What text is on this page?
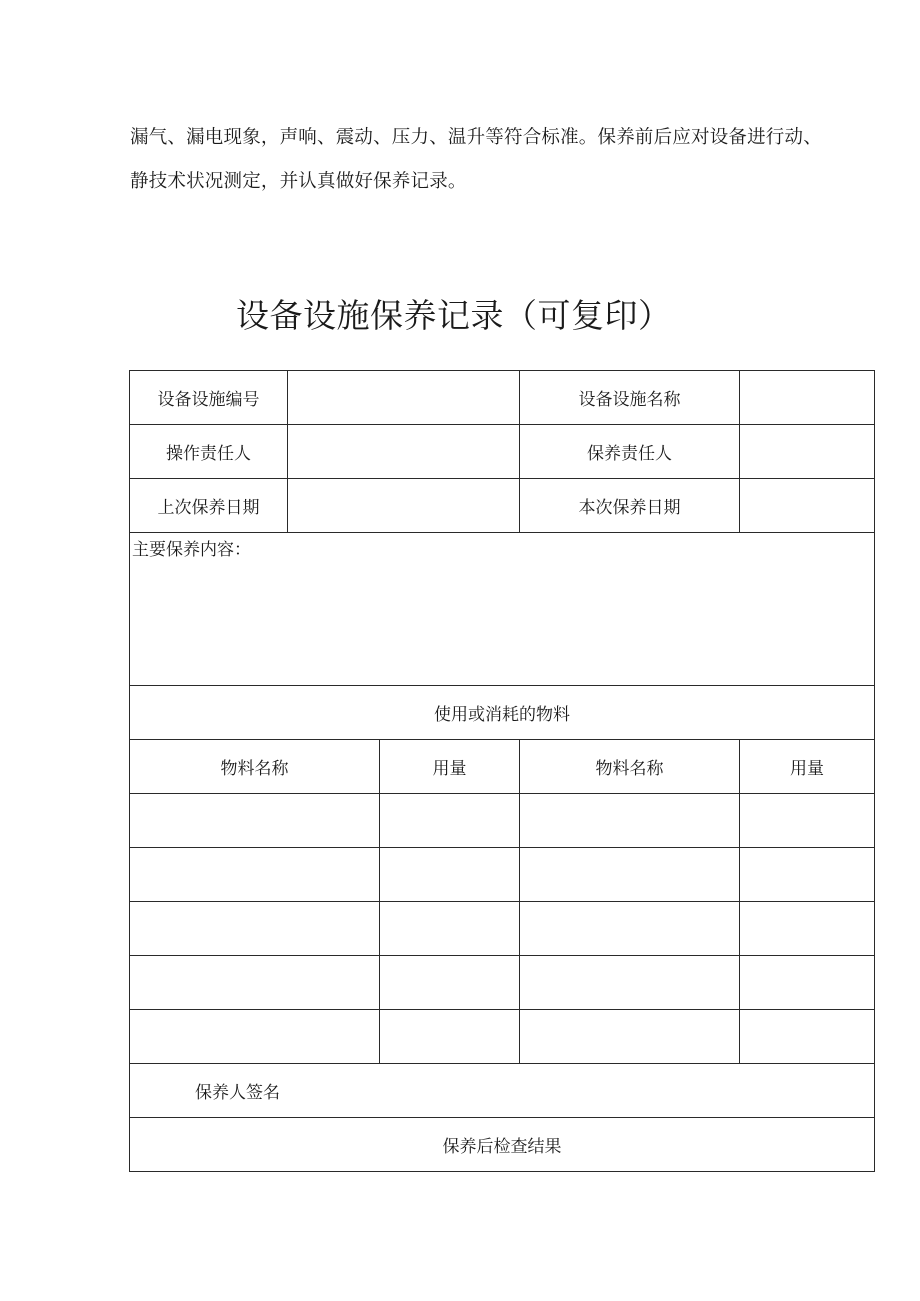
漏气、漏电现象，声响、震动、压力、温升等符合标准。保养前后应对设备进行动、
静技术状况测定，并认真做好保养记录。
设备设施保养记录（可复印）
设备设施编号			设备设施名称	
操作责任人			保养责任人	
上次保养日期			本次保养日期	
主要保养内容：				
使用或消耗的物料				
物料名称		用量	物料名称	用量

保养人签名				
保养后检查结果				
